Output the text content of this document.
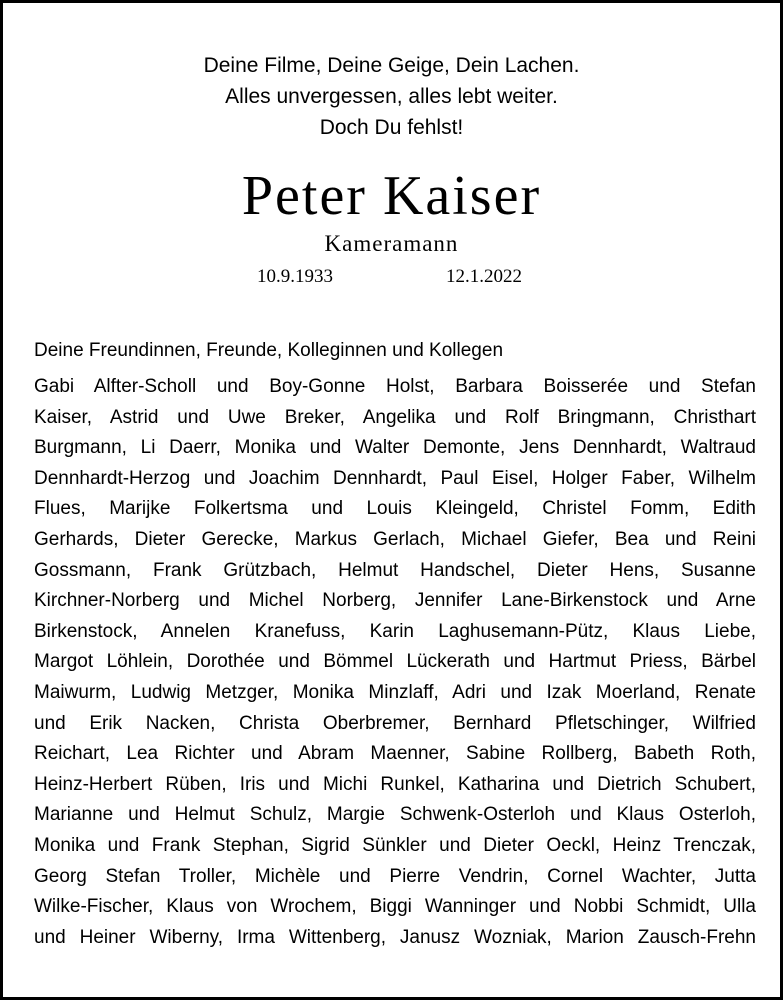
Deine Filme, Deine Geige, Dein Lachen.
Alles unvergessen, alles lebt weiter.
Doch Du fehlst!
Peter Kaiser
Kameramann
10.9.1933	12.1.2022
Deine Freundinnen, Freunde, Kolleginnen und Kollegen
Gabi Alfter-Scholl und Boy-Gonne Holst, Barbara Boisserée und Stefan
Kaiser, Astrid und Uwe Breker, Angelika und Rolf Bringmann, Christhart
Burgmann, Li Daerr, Monika und Walter Demonte, Jens Dennhardt, Waltraud
Dennhardt-Herzog und Joachim Dennhardt, Paul Eisel, Holger Faber, Wilhelm
Flues, Marijke Folkertsma und Louis Kleingeld, Christel Fomm, Edith
Gerhards, Dieter Gerecke, Markus Gerlach, Michael Giefer, Bea und Reini
Gossmann, Frank Grützbach, Helmut Handschel, Dieter Hens, Susanne
Kirchner-Norberg und Michel Norberg, Jennifer Lane-Birkenstock und Arne
Birkenstock, Annelen Kranefuss, Karin Laghusemann-Pütz, Klaus Liebe,
Margot Löhlein, Dorothée und Bömmel Lückerath und Hartmut Priess, Bärbel
Maiwurm, Ludwig Metzger, Monika Minzlaff, Adri und Izak Moerland, Renate
und Erik Nacken, Christa Oberbremer, Bernhard Pfletschinger, Wilfried
Reichart, Lea Richter und Abram Maenner, Sabine Rollberg, Babeth Roth,
Heinz-Herbert Rüben, Iris und Michi Runkel, Katharina und Dietrich Schubert,
Marianne und Helmut Schulz, Margie Schwenk-Osterloh und Klaus Osterloh,
Monika und Frank Stephan, Sigrid Sünkler und Dieter Oeckl, Heinz Trenczak,
Georg Stefan Troller, Michèle und Pierre Vendrin, Cornel Wachter, Jutta
Wilke-Fischer, Klaus von Wrochem, Biggi Wanninger und Nobbi Schmidt, Ulla
und Heiner Wiberny, Irma Wittenberg, Janusz Wozniak, Marion Zausch-Frehn
